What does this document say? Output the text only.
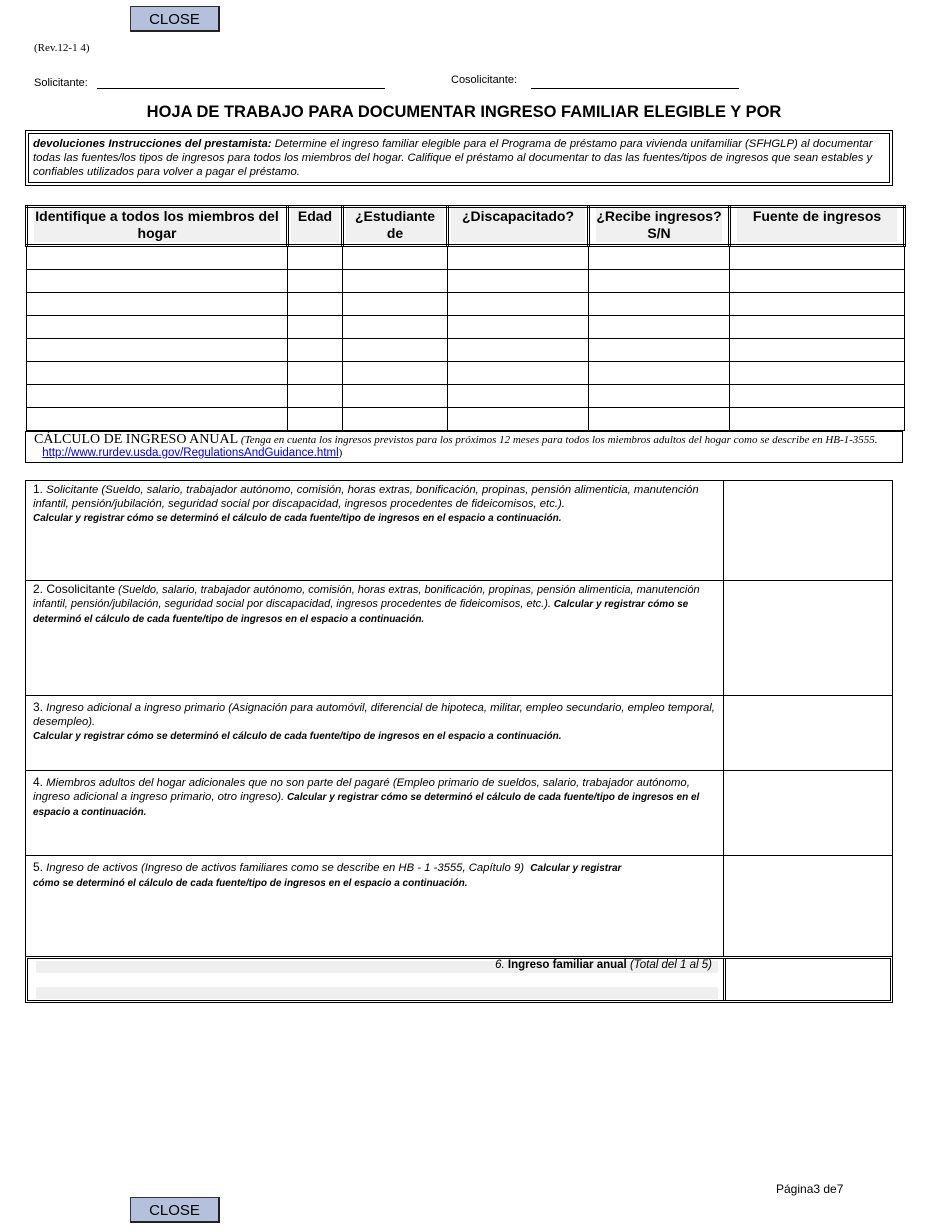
CLOSE
(Rev.12-1 4)
Solicitante:	Cosolicitante:
HOJA DE TRABAJO PARA DOCUMENTAR INGRESO FAMILIAR ELEGIBLE Y POR
devoluciones Instrucciones del prestamista: Determine el ingreso familiar elegible para el Programa de préstamo para vivienda unifamiliar (SFHGLP) al documentar todas las fuentes/los tipos de ingresos para todos los miembros del hogar. Califique el préstamo al documentar to das las fuentes/tipos de ingresos que sean estables y confiables utilizados para volver a pagar el préstamo.
Identifique a todos los miembros del hogar	Edad	¿Estudiante de	¿Discapacitado?	¿Recibe ingresos? S/N	Fuente de ingresos

CÁLCULO DE INGRESO ANUAL (Tenga en cuenta los ingresos previstos para los próximos 12 meses para todos los miembros adultos del hogar como se describe en HB-1-3555.    http://www.rurdev.usda.gov/RegulationsAndGuidance.html)
1. Solicitante (Sueldo, salario, trabajador autónomo, comisión, horas extras, bonificación, propinas, pensión alimenticia, manutención infantil, pensión/jubilación, seguridad social por discapacidad, ingresos procedentes de fideicomisos, etc.).
Calcular y registrar cómo se determinó el cálculo de cada fuente/tipo de ingresos en el espacio a continuación.
2. Cosolicitante (Sueldo, salario, trabajador autónomo, comisión, horas extras, bonificación, propinas, pensión alimenticia, manutención infantil, pensión/jubilación, seguridad social por discapacidad, ingresos procedentes de fideicomisos, etc.). Calcular y registrar cómo se determinó el cálculo de cada fuente/tipo de ingresos en el espacio a continuación.
3. Ingreso adicional a ingreso primario (Asignación para automóvil, diferencial de hipoteca, militar, empleo secundario, empleo temporal, desempleo).
Calcular y registrar cómo se determinó el cálculo de cada fuente/tipo de ingresos en el espacio a continuación.
4. Miembros adultos del hogar adicionales que no son parte del pagaré (Empleo primario de sueldos, salario, trabajador autónomo, ingreso adicional a ingreso primario, otro ingreso). Calcular y registrar cómo se determinó el cálculo de cada fuente/tipo de ingresos en el espacio a continuación.
5. Ingreso de activos (Ingreso de activos familiares como se describe en HB - 1 -3555, Capítulo 9) Calcular y registrar cómo se determinó el cálculo de cada fuente/tipo de ingresos en el espacio a continuación.
6. Ingreso familiar anual (Total del 1 al 5)
Página3 de7
CLOSE
